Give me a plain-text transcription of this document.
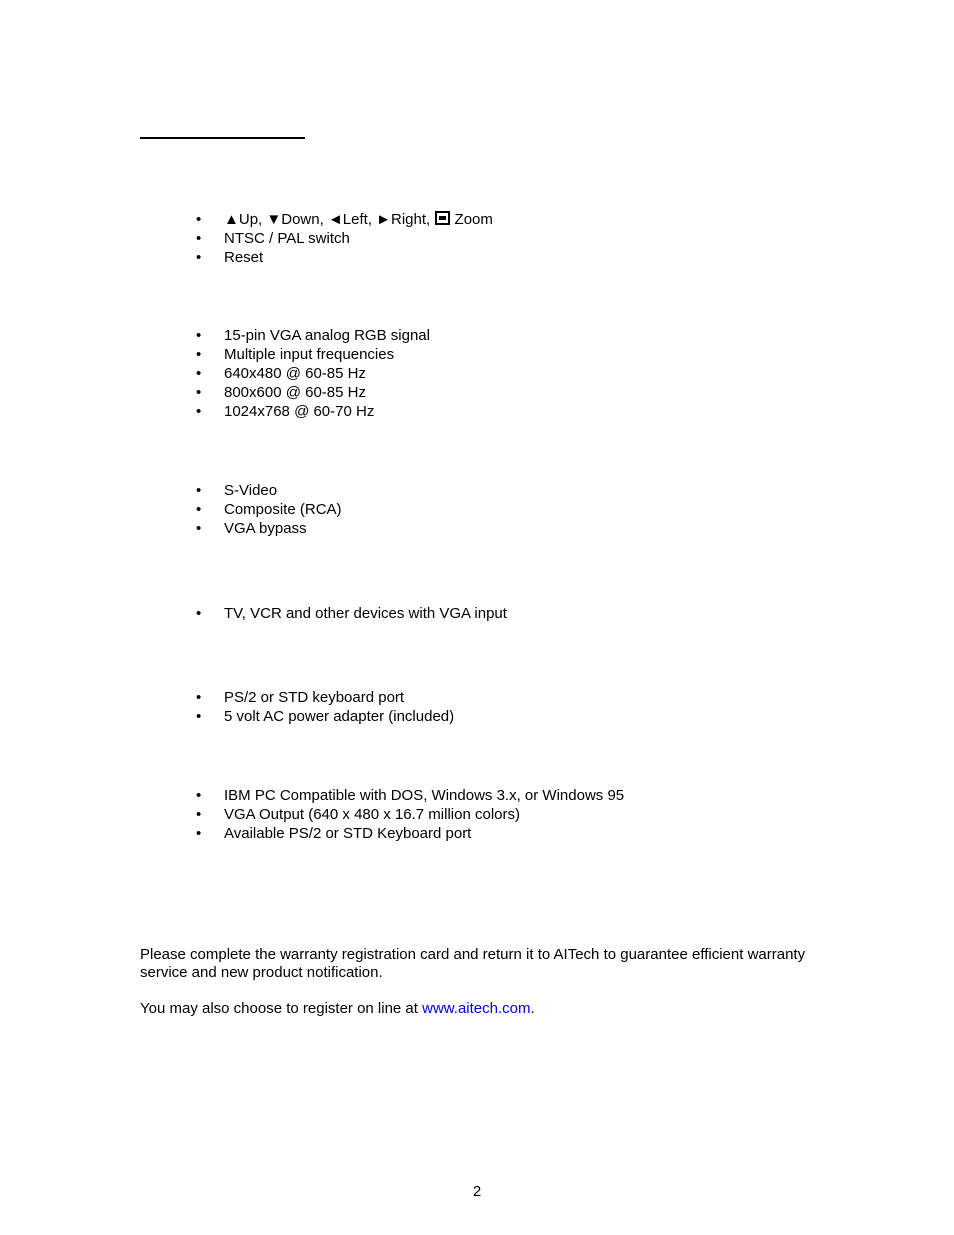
•	▲Up, ▼Down, ◄Left, ►Right, Zoom
•	NTSC / PAL switch
•	Reset
•	15-pin VGA analog RGB signal
•	Multiple input frequencies
•	640x480 @ 60-85 Hz
•	800x600 @ 60-85 Hz
•	1024x768 @ 60-70 Hz
•	S-Video
•	Composite (RCA)
•	VGA bypass
•	TV, VCR and other devices with VGA input
•	PS/2 or STD keyboard port
•	5 volt AC power adapter (included)
•	IBM PC Compatible with DOS, Windows 3.x, or Windows 95
•	VGA Output (640 x 480 x 16.7 million colors)
•	Available PS/2 or STD Keyboard port

Please complete the warranty registration card and return it to AITech to guarantee efficient warranty service and new product notification.

You may also choose to register on line at www.aitech.com.

2
